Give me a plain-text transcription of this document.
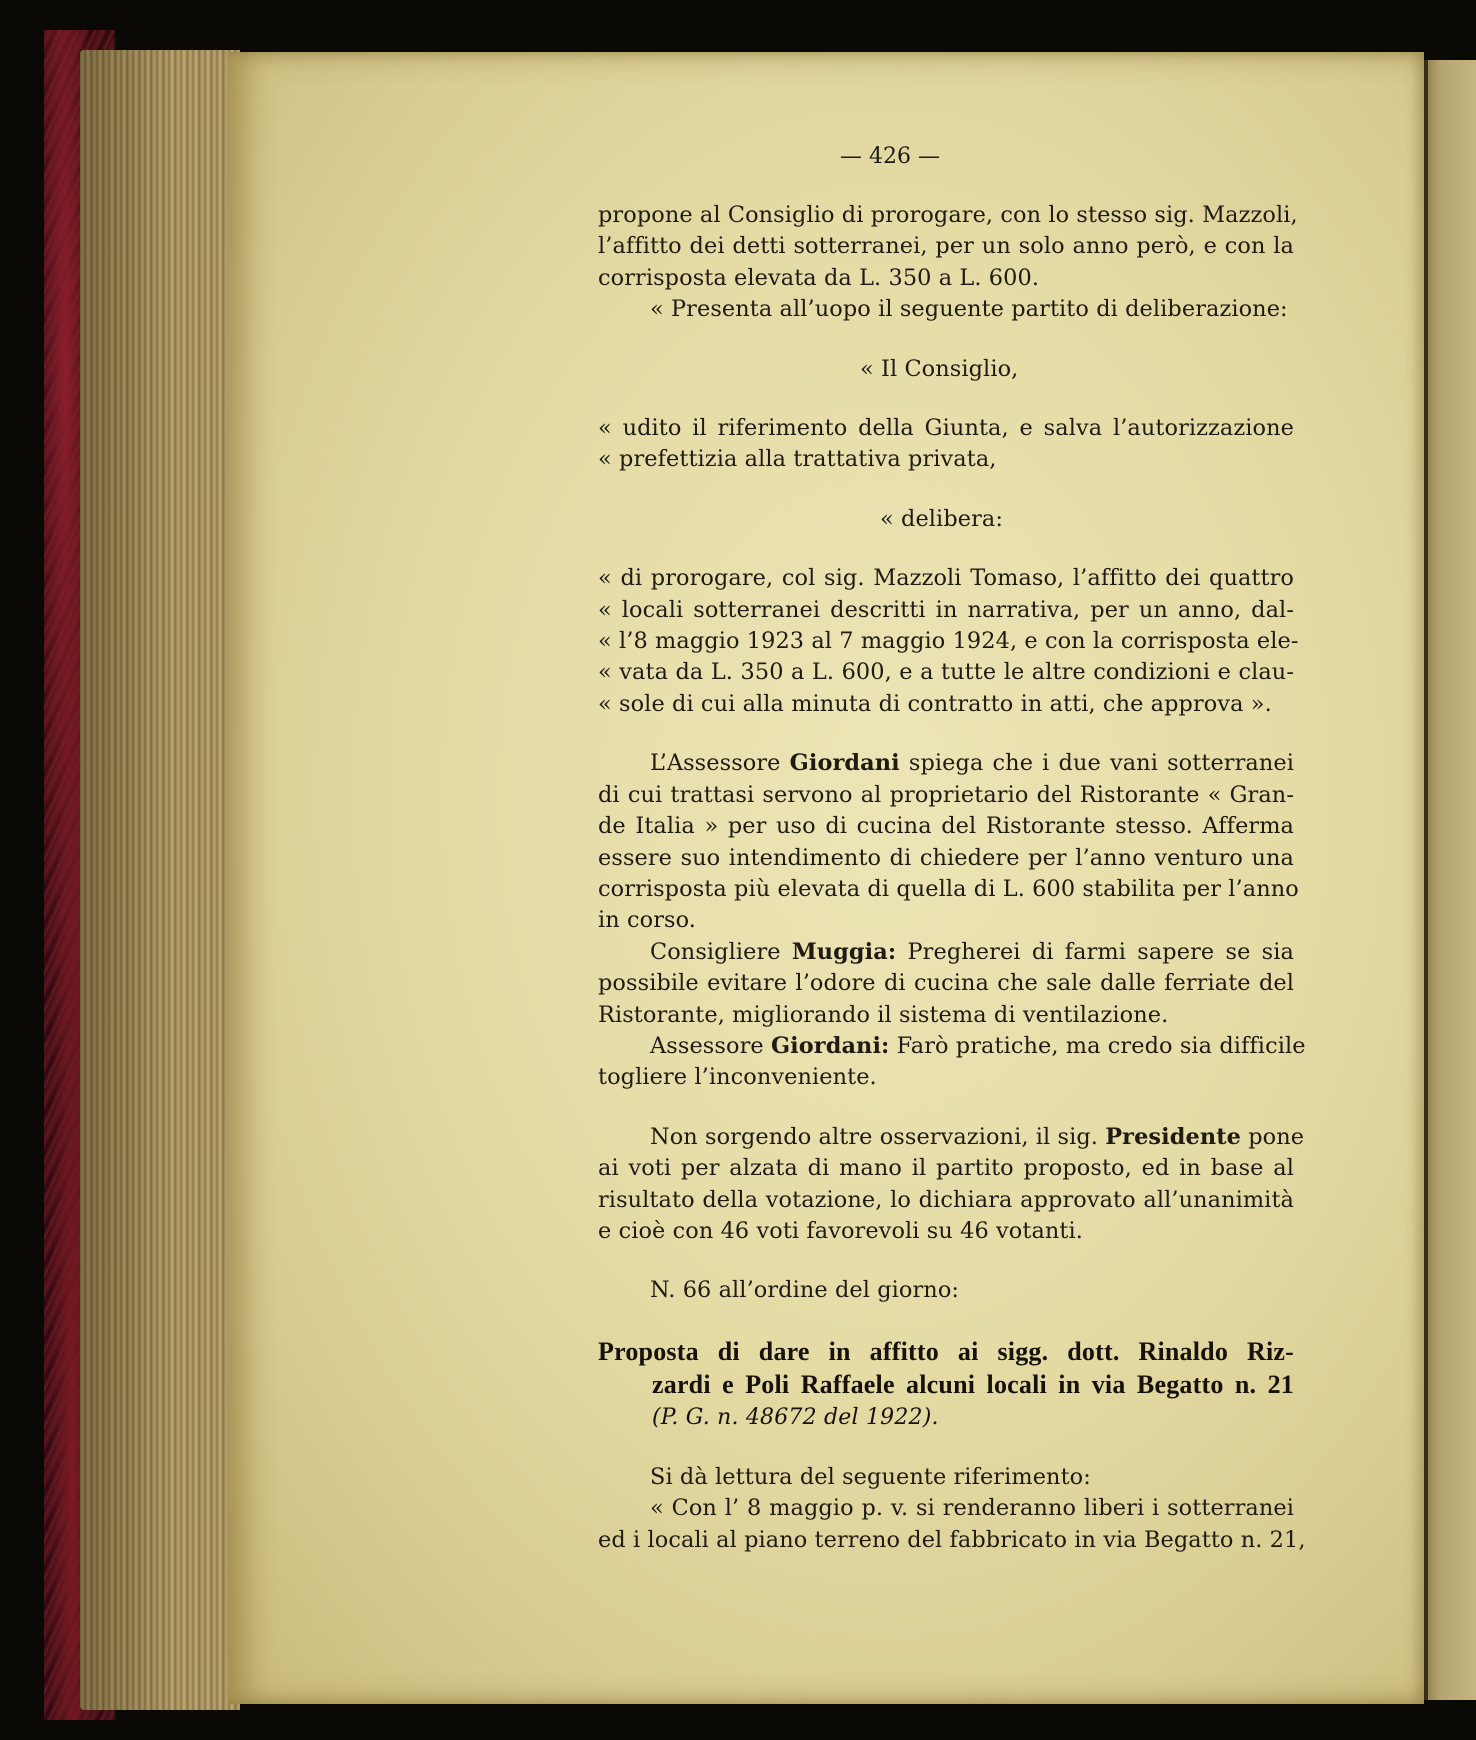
— 426 —
propone al Consiglio di prorogare, con lo stesso sig. Mazzoli,
l’affitto dei detti sotterranei, per un solo anno però, e con la
corrisposta elevata da L. 350 a L. 600.
« Presenta all’uopo il seguente partito di deliberazione:
« Il Consiglio,
« udito il riferimento della Giunta, e salva l’autorizzazione
« prefettizia alla trattativa privata,
« delibera:
« di prorogare, col sig. Mazzoli Tomaso, l’affitto dei quattro
« locali sotterranei descritti in narrativa, per un anno, dal-
« l’8 maggio 1923 al 7 maggio 1924, e con la corrisposta ele-
« vata da L. 350 a L. 600, e a tutte le altre condizioni e clau-
« sole di cui alla minuta di contratto in atti, che approva ».
L’Assessore Giordani spiega che i due vani sotterranei
di cui trattasi servono al proprietario del Ristorante « Gran-
de Italia » per uso di cucina del Ristorante stesso. Afferma
essere suo intendimento di chiedere per l’anno venturo una
corrisposta più elevata di quella di L. 600 stabilita per l’anno
in corso.
Consigliere Muggia: Pregherei di farmi sapere se sia
possibile evitare l’odore di cucina che sale dalle ferriate del
Ristorante, migliorando il sistema di ventilazione.
Assessore Giordani: Farò pratiche, ma credo sia difficile
togliere l’inconveniente.
Non sorgendo altre osservazioni, il sig. Presidente pone
ai voti per alzata di mano il partito proposto, ed in base al
risultato della votazione, lo dichiara approvato all’unanimità
e cioè con 46 voti favorevoli su 46 votanti.
N. 66 all’ordine del giorno:
Proposta di dare in affitto ai sigg. dott. Rinaldo Riz-
zardi e Poli Raffaele alcuni locali in via Begatto n. 21
(P. G. n. 48672 del 1922).
Si dà lettura del seguente riferimento:
« Con l’ 8 maggio p. v. si renderanno liberi i sotterranei
ed i locali al piano terreno del fabbricato in via Begatto n. 21,
